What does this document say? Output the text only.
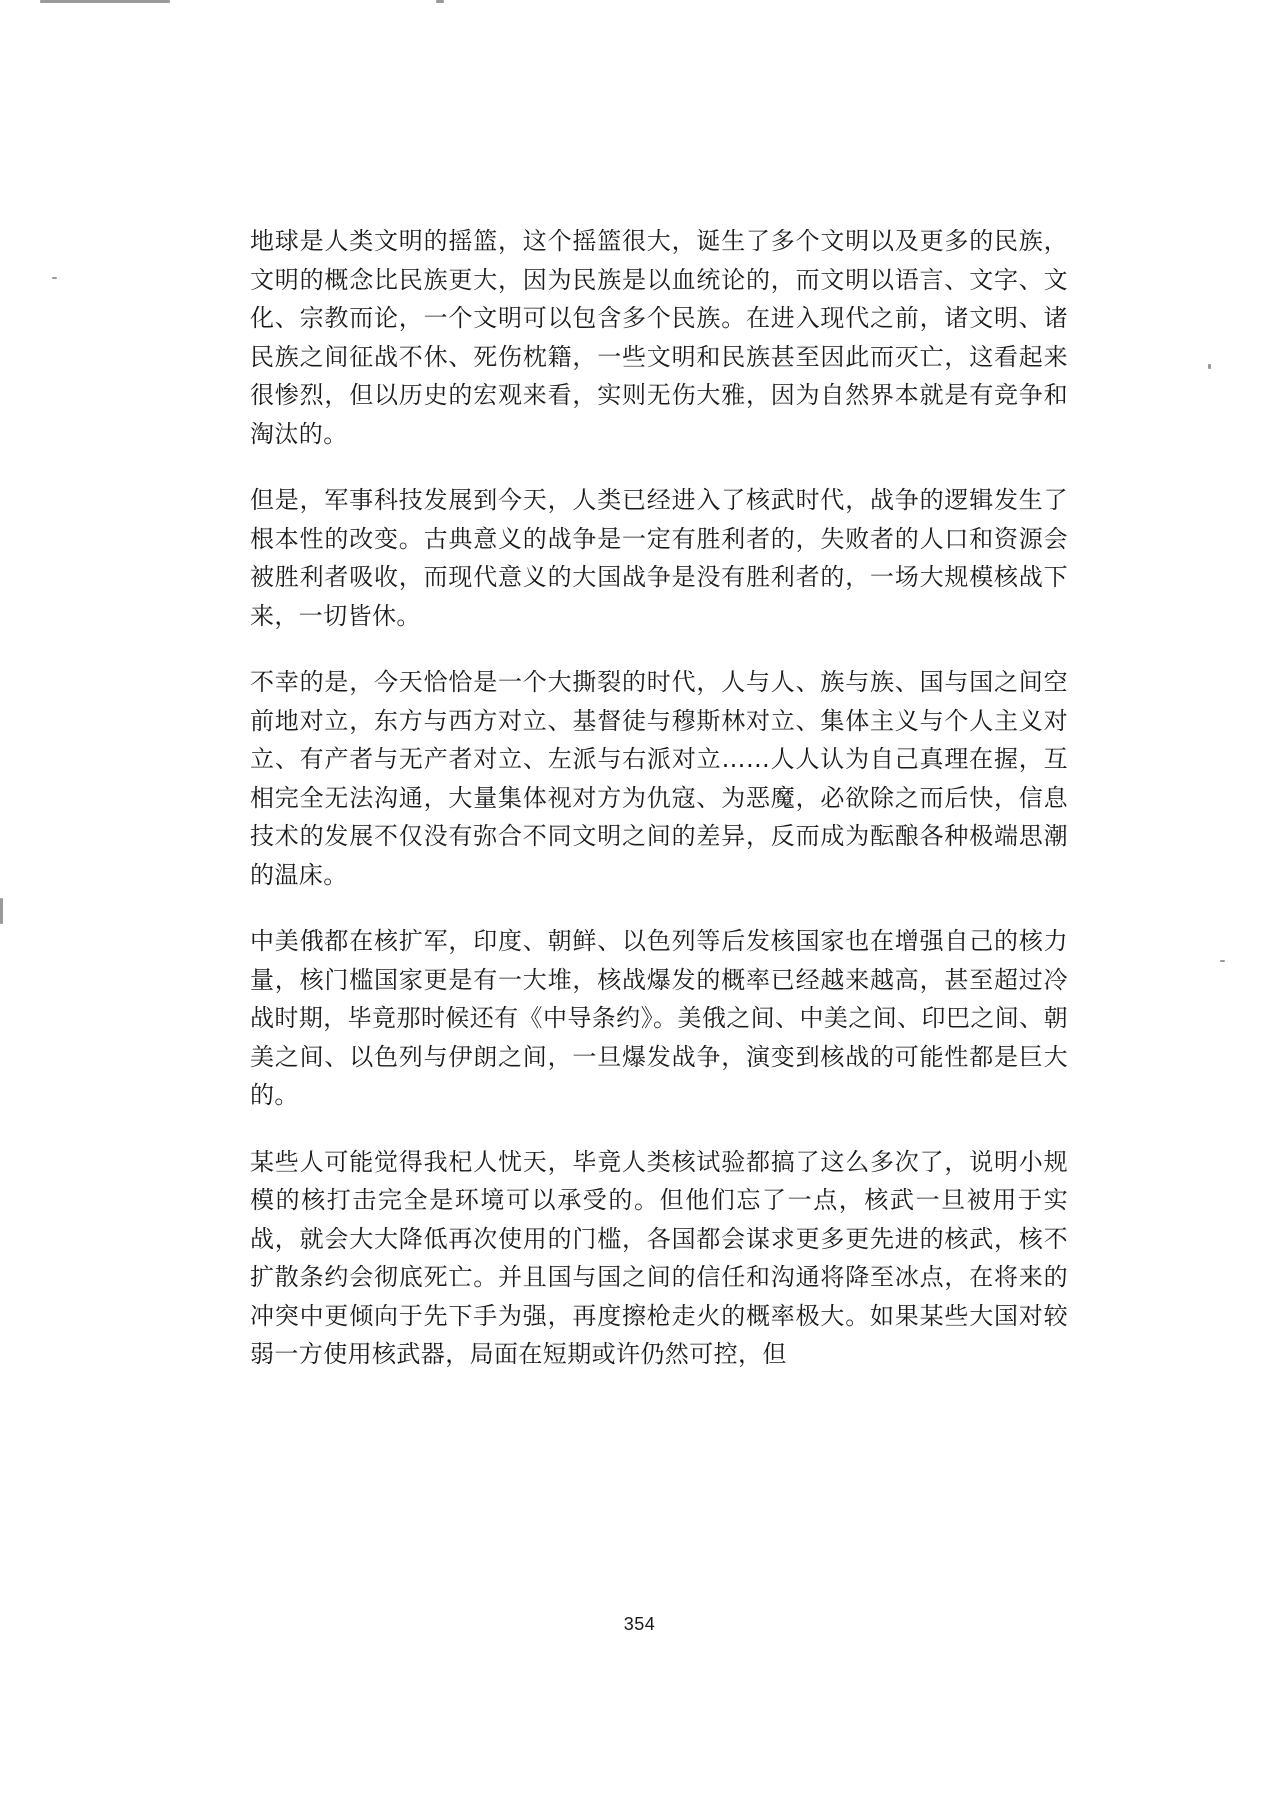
地球是人类文明的摇篮，这个摇篮很大，诞生了多个文明以及更多的民族，文明的概念比民族更大，因为民族是以血统论的，而文明以语言、文字、文化、宗教而论，一个文明可以包含多个民族。在进入现代之前，诸文明、诸民族之间征战不休、死伤枕籍，一些文明和民族甚至因此而灭亡，这看起来很惨烈，但以历史的宏观来看，实则无伤大雅，因为自然界本就是有竞争和淘汰的。

但是，军事科技发展到今天，人类已经进入了核武时代，战争的逻辑发生了根本性的改变。古典意义的战争是一定有胜利者的，失败者的人口和资源会被胜利者吸收，而现代意义的大国战争是没有胜利者的，一场大规模核战下来，一切皆休。

不幸的是，今天恰恰是一个大撕裂的时代，人与人、族与族、国与国之间空前地对立，东方与西方对立、基督徒与穆斯林对立、集体主义与个人主义对立、有产者与无产者对立、左派与右派对立……人人认为自己真理在握，互相完全无法沟通，大量集体视对方为仇寇、为恶魔，必欲除之而后快，信息技术的发展不仅没有弥合不同文明之间的差异，反而成为酝酿各种极端思潮的温床。

中美俄都在核扩军，印度、朝鲜、以色列等后发核国家也在增强自己的核力量，核门槛国家更是有一大堆，核战爆发的概率已经越来越高，甚至超过冷战时期，毕竟那时候还有《中导条约》。美俄之间、中美之间、印巴之间、朝美之间、以色列与伊朗之间，一旦爆发战争，演变到核战的可能性都是巨大的。

某些人可能觉得我杞人忧天，毕竟人类核试验都搞了这么多次了，说明小规模的核打击完全是环境可以承受的。但他们忘了一点，核武一旦被用于实战，就会大大降低再次使用的门槛，各国都会谋求更多更先进的核武，核不扩散条约会彻底死亡。并且国与国之间的信任和沟通将降至冰点，在将来的冲突中更倾向于先下手为强，再度擦枪走火的概率极大。如果某些大国对较弱一方使用核武器，局面在短期或许仍然可控，但

354
